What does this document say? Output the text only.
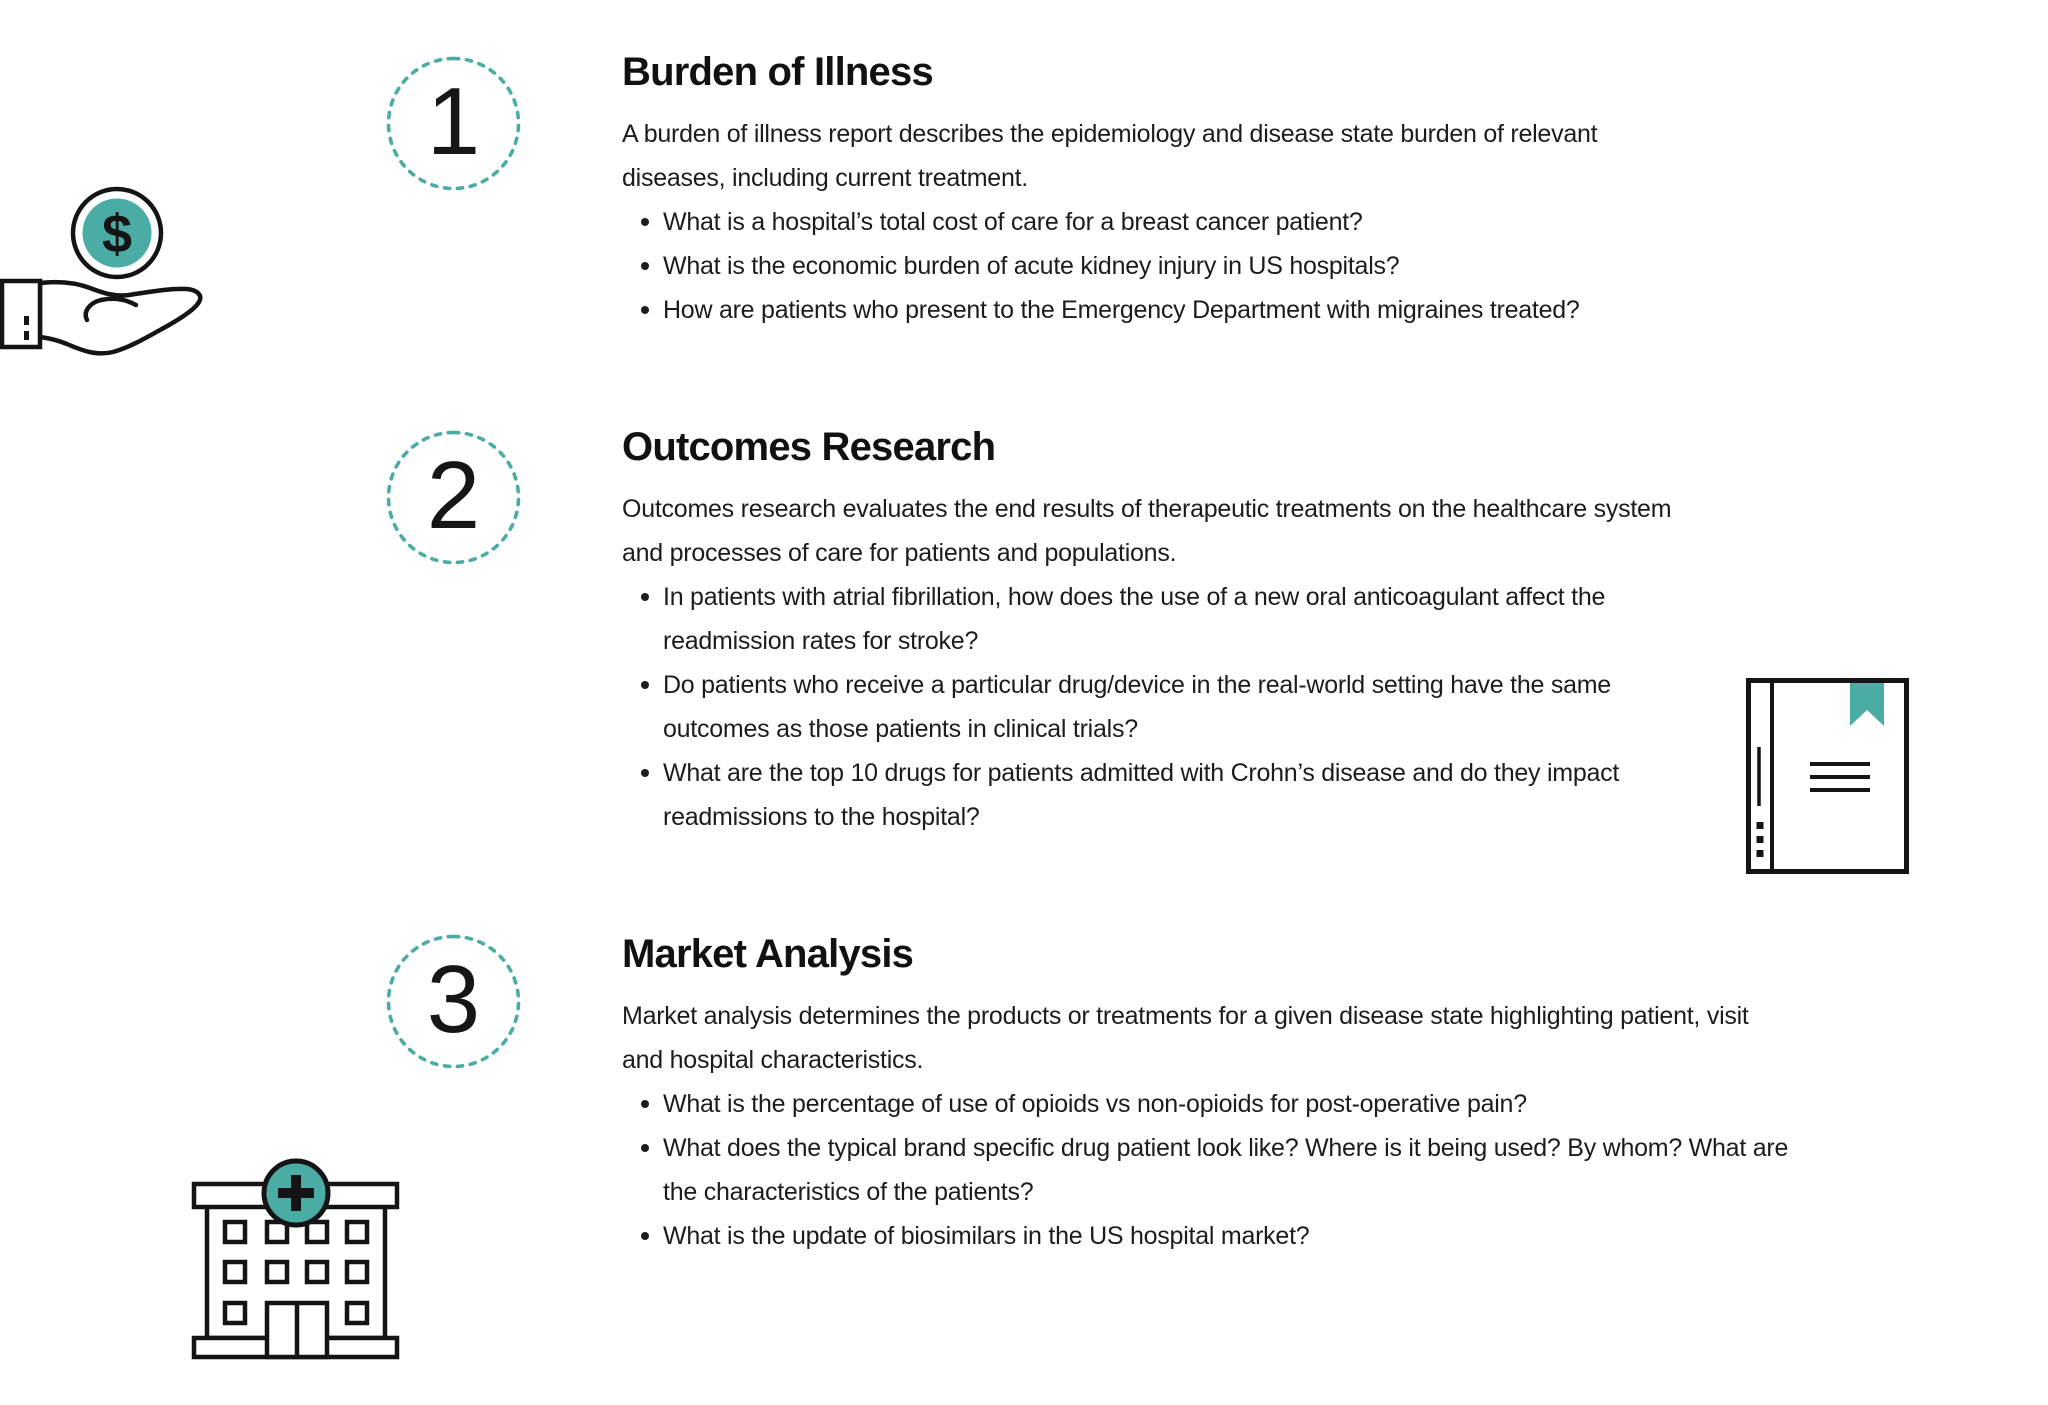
1	Burden of Illness

A burden of illness report describes the epidemiology and disease state burden of relevant diseases, including current treatment.

What is a hospital’s total cost of care for a breast cancer patient?
What is the economic burden of acute kidney injury in US hospitals?
How are patients who present to the Emergency Department with migraines treated?
2	Outcomes Research

Outcomes research evaluates the end results of therapeutic treatments on the healthcare system and processes of care for patients and populations.

In patients with atrial fibrillation, how does the use of a new oral anticoagulant affect the readmission rates for stroke?
Do patients who receive a particular drug/device in the real-world setting have the same outcomes as those patients in clinical trials?
What are the top 10 drugs for patients admitted with Crohn’s disease and do they impact readmissions to the hospital?
3	Market Analysis

Market analysis determines the products or treatments for a given disease state highlighting patient, visit and hospital characteristics.

What is the percentage of use of opioids vs non-opioids for post-operative pain?
What does the typical brand specific drug patient look like? Where is it being used? By whom? What are the characteristics of the patients?
What is the update of biosimilars in the US hospital market?
$
